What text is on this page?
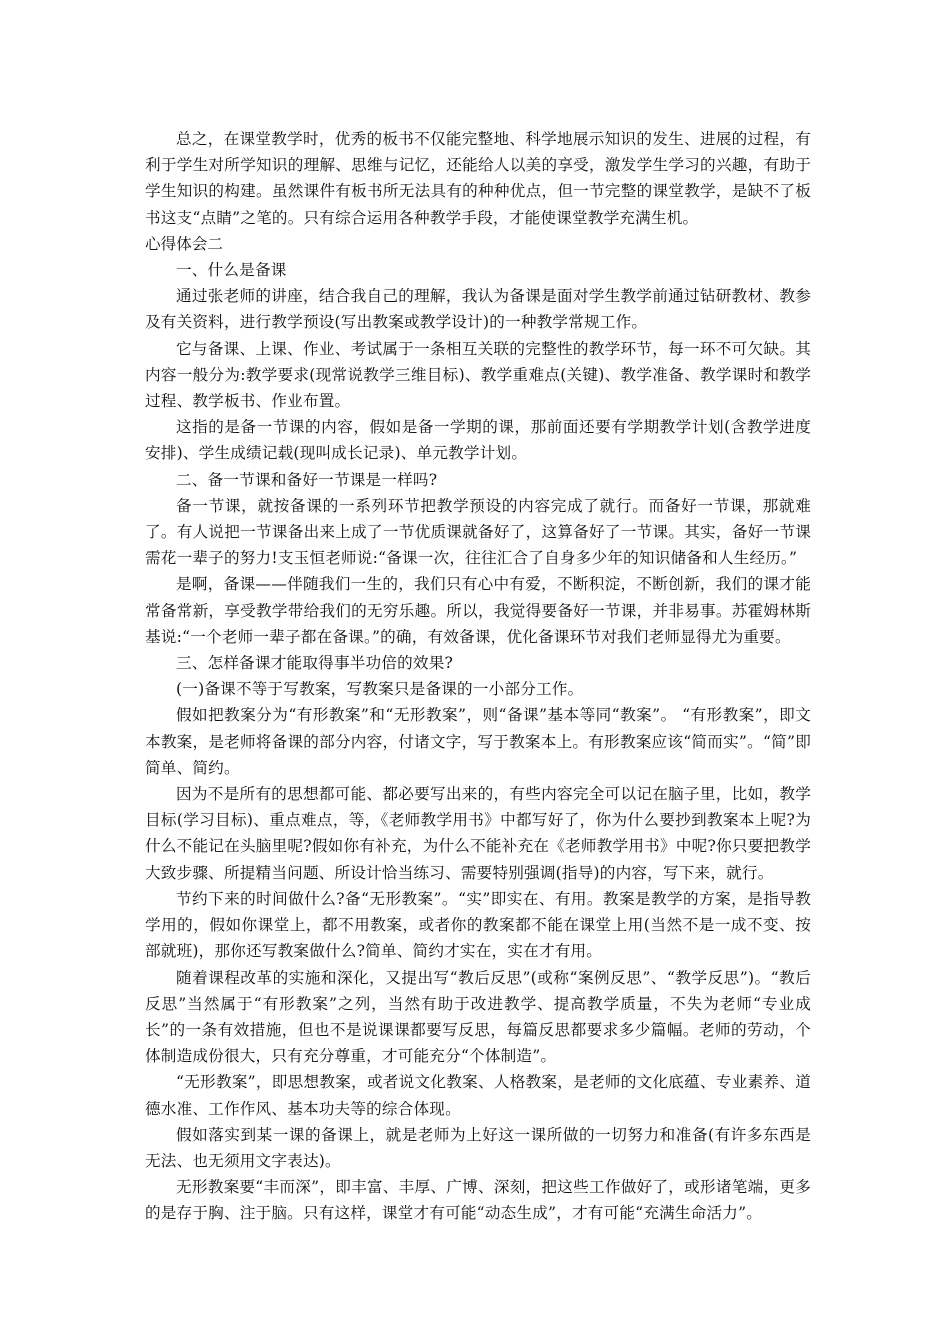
总之，在课堂教学时，优秀的板书不仅能完整地、科学地展示知识的发生、进展的过程，有利于学生对所学知识的理解、思维与记忆，还能给人以美的享受，激发学生学习的兴趣，有助于学生知识的构建。虽然课件有板书所无法具有的种种优点，但一节完整的课堂教学，是缺不了板书这支“点睛”之笔的。只有综合运用各种教学手段，才能使课堂教学充满生机。

心得体会二

一、什么是备课

通过张老师的讲座，结合我自己的理解，我认为备课是面对学生教学前通过钻研教材、教参及有关资料，进行教学预设(写出教案或教学设计)的一种教学常规工作。

它与备课、上课、作业、考试属于一条相互关联的完整性的教学环节，每一环不可欠缺。其内容一般分为:教学要求(现常说教学三维目标)、教学重难点(关键)、教学准备、教学课时和教学过程、教学板书、作业布置。

这指的是备一节课的内容，假如是备一学期的课，那前面还要有学期教学计划(含教学进度安排)、学生成绩记载(现叫成长记录)、单元教学计划。

二、备一节课和备好一节课是一样吗?

备一节课，就按备课的一系列环节把教学预设的内容完成了就行。而备好一节课，那就难了。有人说把一节课备出来上成了一节优质课就备好了，这算备好了一节课。其实，备好一节课需花一辈子的努力!支玉恒老师说:“备课一次，往往汇合了自身多少年的知识储备和人生经历。”

是啊，备课——伴随我们一生的，我们只有心中有爱，不断积淀，不断创新，我们的课才能常备常新，享受教学带给我们的无穷乐趣。所以，我觉得要备好一节课，并非易事。苏霍姆林斯基说:“一个老师一辈子都在备课。”的确，有效备课，优化备课环节对我们老师显得尤为重要。

三、怎样备课才能取得事半功倍的效果?

(一)备课不等于写教案，写教案只是备课的一小部分工作。

假如把教案分为“有形教案”和“无形教案”，则“备课”基本等同“教案”。 “有形教案”，即文本教案，是老师将备课的部分内容，付诸文字，写于教案本上。有形教案应该“简而实”。“简”即简单、简约。

因为不是所有的思想都可能、都必要写出来的，有些内容完全可以记在脑子里，比如，教学目标(学习目标)、重点难点，等，《老师教学用书》中都写好了，你为什么要抄到教案本上呢?为什么不能记在头脑里呢?假如你有补充，为什么不能补充在《老师教学用书》中呢?你只要把教学大致步骤、所提精当问题、所设计恰当练习、需要特别强调(指导)的内容，写下来，就行。

节约下来的时间做什么?备“无形教案”。“实”即实在、有用。教案是教学的方案，是指导教学用的，假如你课堂上，都不用教案，或者你的教案都不能在课堂上用(当然不是一成不变、按部就班)，那你还写教案做什么?简单、简约才实在，实在才有用。

随着课程改革的实施和深化，又提出写“教后反思”(或称“案例反思”、“教学反思”)。“教后反思”当然属于“有形教案”之列，当然有助于改进教学、提高教学质量，不失为老师“专业成长”的一条有效措施，但也不是说课课都要写反思，每篇反思都要求多少篇幅。老师的劳动，个体制造成份很大，只有充分尊重，才可能充分“个体制造”。

“无形教案”，即思想教案，或者说文化教案、人格教案，是老师的文化底蕴、专业素养、道德水准、工作作风、基本功夫等的综合体现。

假如落实到某一课的备课上，就是老师为上好这一课所做的一切努力和准备(有许多东西是无法、也无须用文字表达)。

无形教案要“丰而深”，即丰富、丰厚、广博、深刻，把这些工作做好了，或形诸笔端，更多的是存于胸、注于脑。只有这样，课堂才有可能“动态生成”，才有可能“充满生命活力”。
